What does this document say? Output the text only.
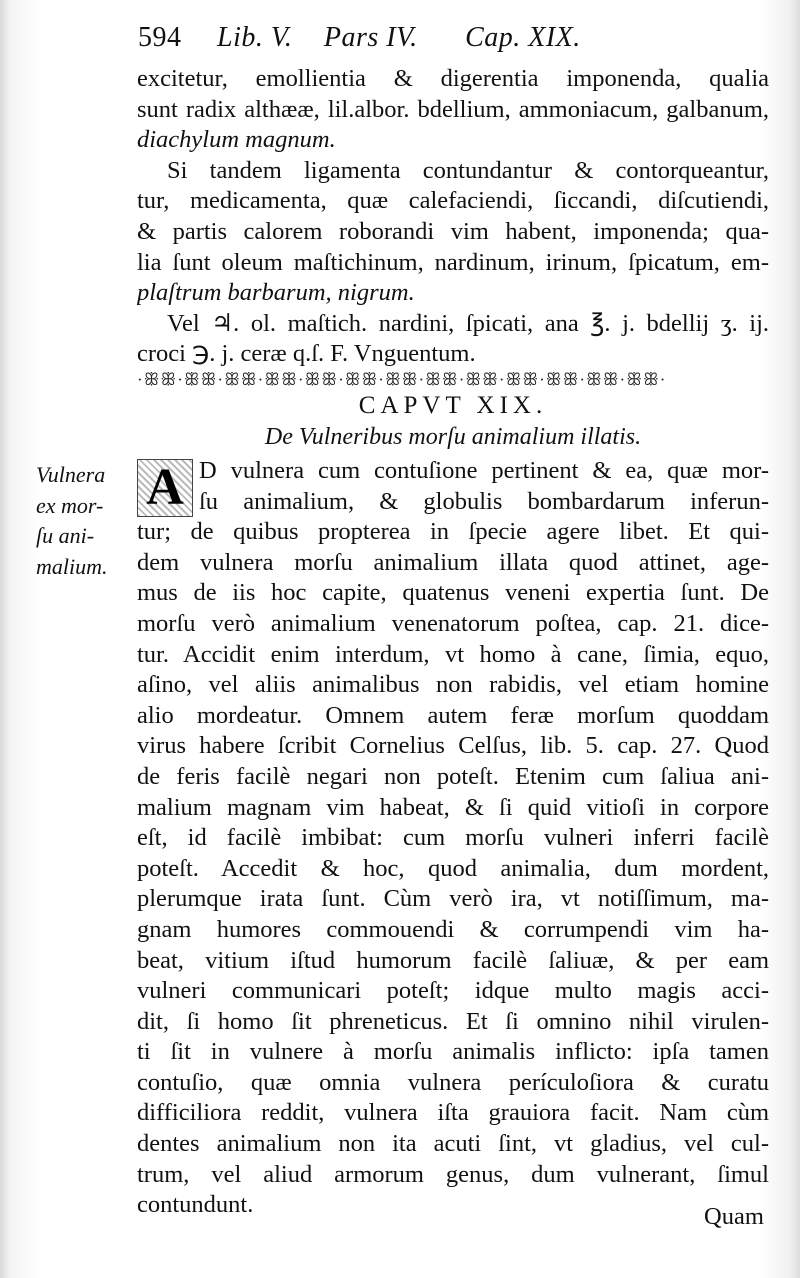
594 Lib. V. Pars IV. Cap. XIX.
excitetur, emollientia & digerentia imponenda, qualia
sunt radix althææ, lil.albor. bdellium, ammoniacum, galbanum,
diachylum magnum.
Si tandem ligamenta contundantur & contorqueantur,
tur, medicamenta, quæ calefaciendi, ſiccandi, diſcutiendi,
& partis calorem roborandi vim habent, imponenda; qua-
lia ſunt oleum maſtichinum, nardinum, irinum, ſpicatum, em-
plaſtrum barbarum, nigrum.
Vel ♃. ol. maſtich. nardini, ſpicati, ana ℥. j. bdellij ʒ. ij.
croci ℈. j. ceræ q.ſ. F. Vnguentum.
·ꕥꕥ·ꕥꕥ·ꕥꕥ·ꕥꕥ·ꕥꕥ·ꕥꕥ·ꕥꕥ·ꕥꕥ·ꕥꕥ·ꕥꕥ·ꕥꕥ·ꕥꕥ·ꕥꕥ·
CAPVT XIX.
De Vulneribus morſu animalium illatis.
Vulnera
ex mor-
ſu ani-
malium.
A D vulnera cum contuſione pertinent & ea, quæ mor-
ſu animalium, & globulis bombardarum inferun-
tur; de quibus propterea in ſpecie agere libet. Et qui-
dem vulnera morſu animalium illata quod attinet, age-
mus de iis hoc capite, quatenus veneni expertia ſunt. De
morſu verò animalium venenatorum poſtea, cap. 21. dice-
tur. Accidit enim interdum, vt homo à cane, ſimia, equo,
aſino, vel aliis animalibus non rabidis, vel etiam homine
alio mordeatur. Omnem autem feræ morſum quoddam
virus habere ſcribit Cornelius Celſus, lib. 5. cap. 27. Quod
de feris facilè negari non poteſt. Etenim cum ſaliua ani-
malium magnam vim habeat, & ſi quid vitioſi in corpore
eſt, id facilè imbibat: cum morſu vulneri inferri facilè
poteſt. Accedit & hoc, quod animalia, dum mordent,
plerumque irata ſunt. Cùm verò ira, vt notiſſimum, ma-
gnam humores commouendi & corrumpendi vim ha-
beat, vitium iſtud humorum facilè ſaliuæ, & per eam
vulneri communicari poteſt; idque multo magis acci-
dit, ſi homo ſit phreneticus. Et ſi omnino nihil virulen-
ti ſit in vulnere à morſu animalis inflicto: ipſa tamen
contuſio, quæ omnia vulnera perículoſiora & curatu
difficiliora reddit, vulnera iſta grauiora facit. Nam cùm
dentes animalium non ita acuti ſint, vt gladius, vel cul-
trum, vel aliud armorum genus, dum vulnerant, ſimul
contundunt.	Quam
